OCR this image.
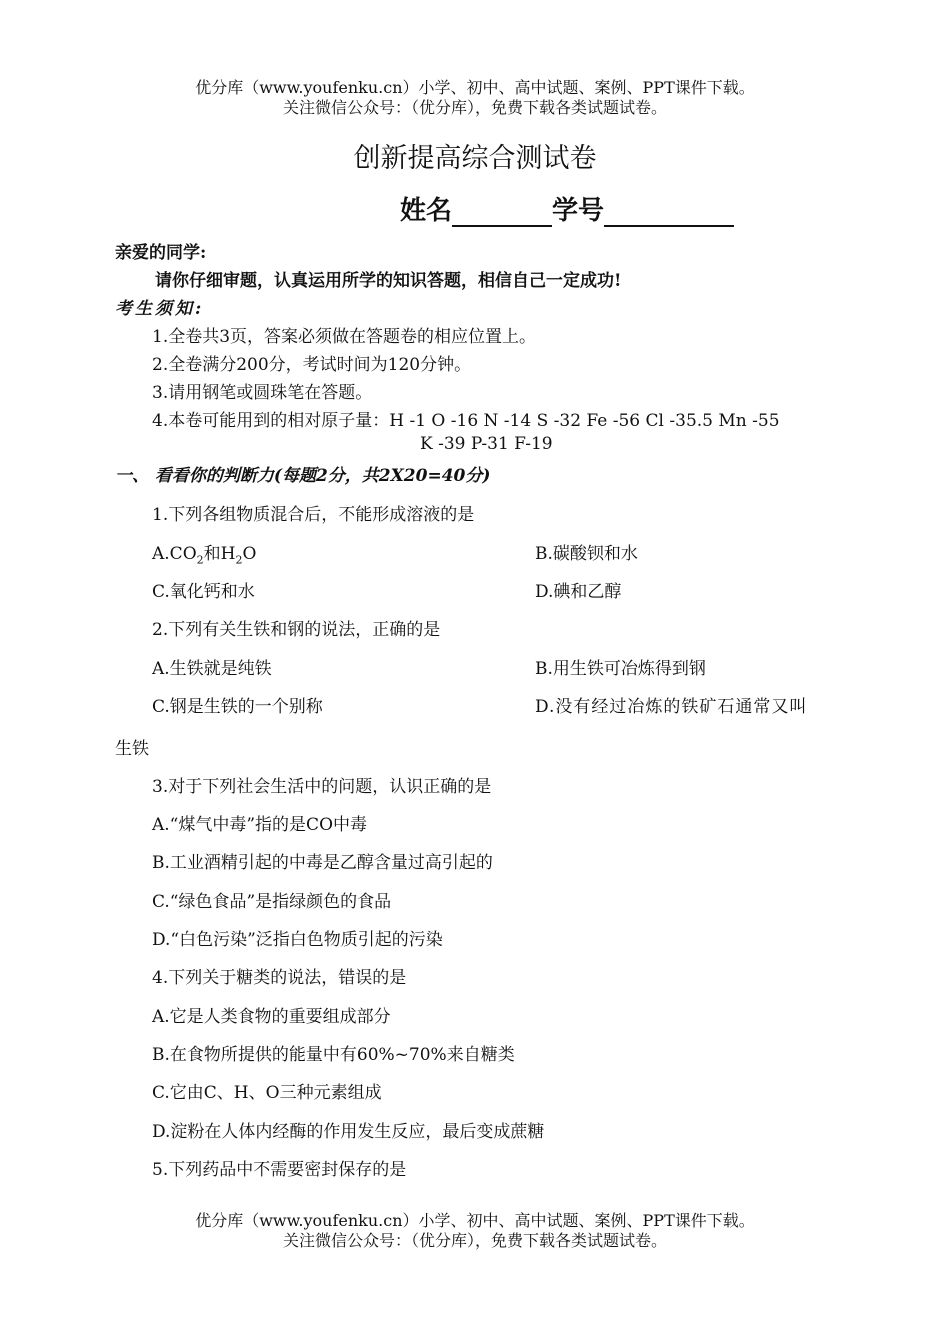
优分库（www.youfenku.cn）小学、初中、高中试题、案例、PPT课件下载。
关注微信公众号：（优分库），免费下载各类试题试卷。
创新提高综合测试卷
姓名	学号
亲爱的同学:
请你仔细审题，认真运用所学的知识答题，相信自己一定成功!
考生须知:
1.全卷共3页，答案必须做在答题卷的相应位置上。
2.全卷满分200分，考试时间为120分钟。
3.请用钢笔或圆珠笔在答题。
4.本卷可能用到的相对原子量：H -1 O -16 N -14 S -32 Fe -56 Cl -35.5 Mn -55
K -39 P-31 F-19
一、 看看你的判断力(每题2分，共2X20=40分)
1.下列各组物质混合后，不能形成溶液的是
$A.CO_2$和$H_2O$	B.碳酸钡和水
C.氧化钙和水	D.碘和乙醇
2.下列有关生铁和钢的说法，正确的是
A.生铁就是纯铁	B.用生铁可冶炼得到钢
C.钢是生铁的一个别称	D.没有经过冶炼的铁矿石通常又叫
生铁
3.对于下列社会生活中的问题，认识正确的是
A.“煤气中毒”指的是CO中毒
B.工业酒精引起的中毒是乙醇含量过高引起的
C.“绿色食品”是指绿颜色的食品
D.“白色污染”泛指白色物质引起的污染
4.下列关于糖类的说法，错误的是
A.它是人类食物的重要组成部分
B.在食物所提供的能量中有60%~70%来自糖类
C.它由C、H、O三种元素组成
D.淀粉在人体内经酶的作用发生反应，最后变成蔗糖
5.下列药品中不需要密封保存的是
优分库（www.youfenku.cn）小学、初中、高中试题、案例、PPT课件下载。
关注微信公众号：（优分库），免费下载各类试题试卷。
